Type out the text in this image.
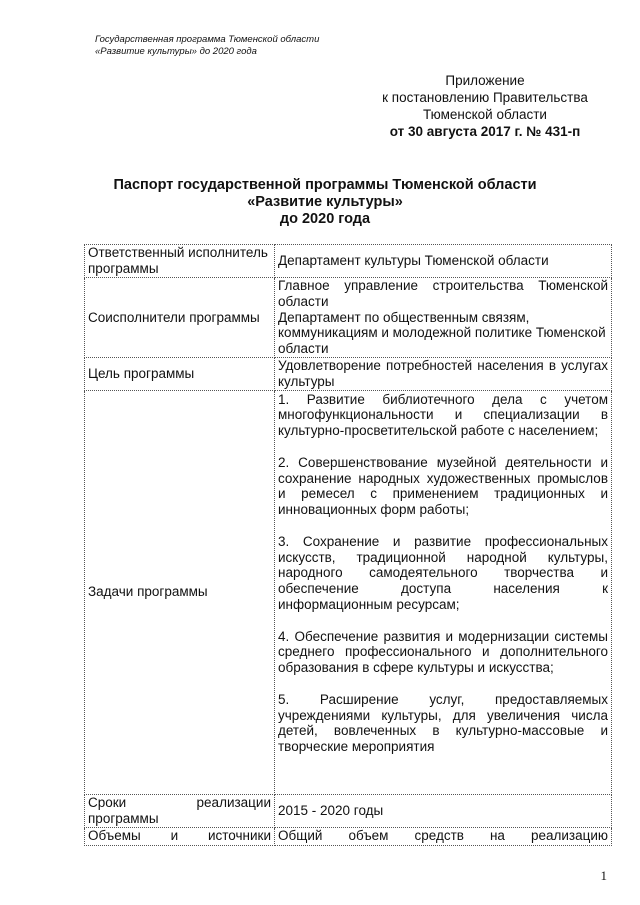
Государственная программа Тюменской области
«Развитие культуры» до 2020 года
Приложение
к постановлению Правительства
Тюменской области
от 30 августа 2017 г. № 431-п
Паспорт государственной программы Тюменской области
«Развитие культуры»
до 2020 года
Ответственный исполнитель программы	Департамент культуры Тюменской области
Соисполнители программы	Главное управление строительства Тюменской области
Департамент по общественным связям, коммуникациям и молодежной политике Тюменской области

Цель программы	Удовлетворение потребностей населения в услугах культуры
Задачи программы	1. Развитие библиотечного дела с учетом многофункциональности и специализации в культурно-просветительской работе с населением;

2. Совершенствование музейной деятельности и сохранение народных художественных промыслов и ремесел с применением традиционных и инновационных форм работы;

3. Сохранение и развитие профессиональных искусств, традиционной народной культуры, народного самодеятельного творчества и обеспечение доступа населения к информационным ресурсам;

4. Обеспечение развития и модернизации системы среднего профессионального и дополнительного образования в сфере культуры и искусства;

5. Расширение услуг, предоставляемых учреждениями культуры, для увеличения числа детей, вовлеченных в культурно-массовые и творческие мероприятия

Сроки реализации программы	2015 - 2020 годы
Объемы и источники	Общий объем средств на реализацию
1
